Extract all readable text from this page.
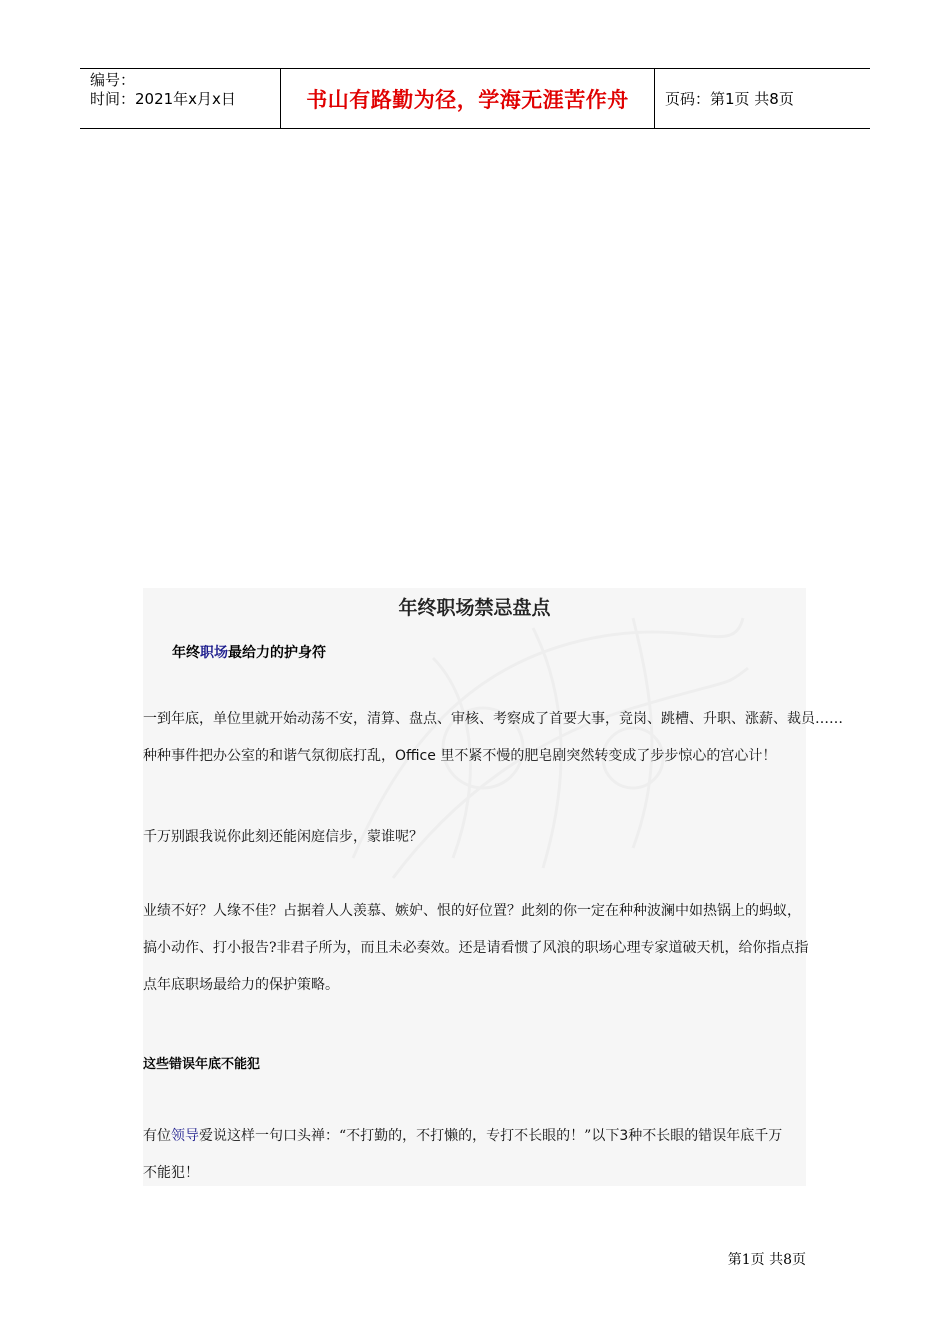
编号：
时间：2021年x月x日	书山有路勤为径，学海无涯苦作舟	页码：第1页 共8页
年终职场禁忌盘点
年终职场最给力的护身符
一到年底，单位里就开始动荡不安，清算、盘点、审核、考察成了首要大事，竞岗、跳槽、升职、涨薪、裁员……
种种事件把办公室的和谐气氛彻底打乱，Office 里不紧不慢的肥皂剧突然转变成了步步惊心的宫心计！
千万别跟我说你此刻还能闲庭信步，蒙谁呢？
业绩不好？人缘不佳？占据着人人羡慕、嫉妒、恨的好位置？此刻的你一定在种种波澜中如热锅上的蚂蚁，
搞小动作、打小报告?非君子所为，而且未必奏效。还是请看惯了风浪的职场心理专家道破天机，给你指点指
点年底职场最给力的保护策略。
这些错误年底不能犯
有位领导爱说这样一句口头禅：“不打勤的，不打懒的，专打不长眼的！”以下3种不长眼的错误年底千万
不能犯！
第1页 共8页
